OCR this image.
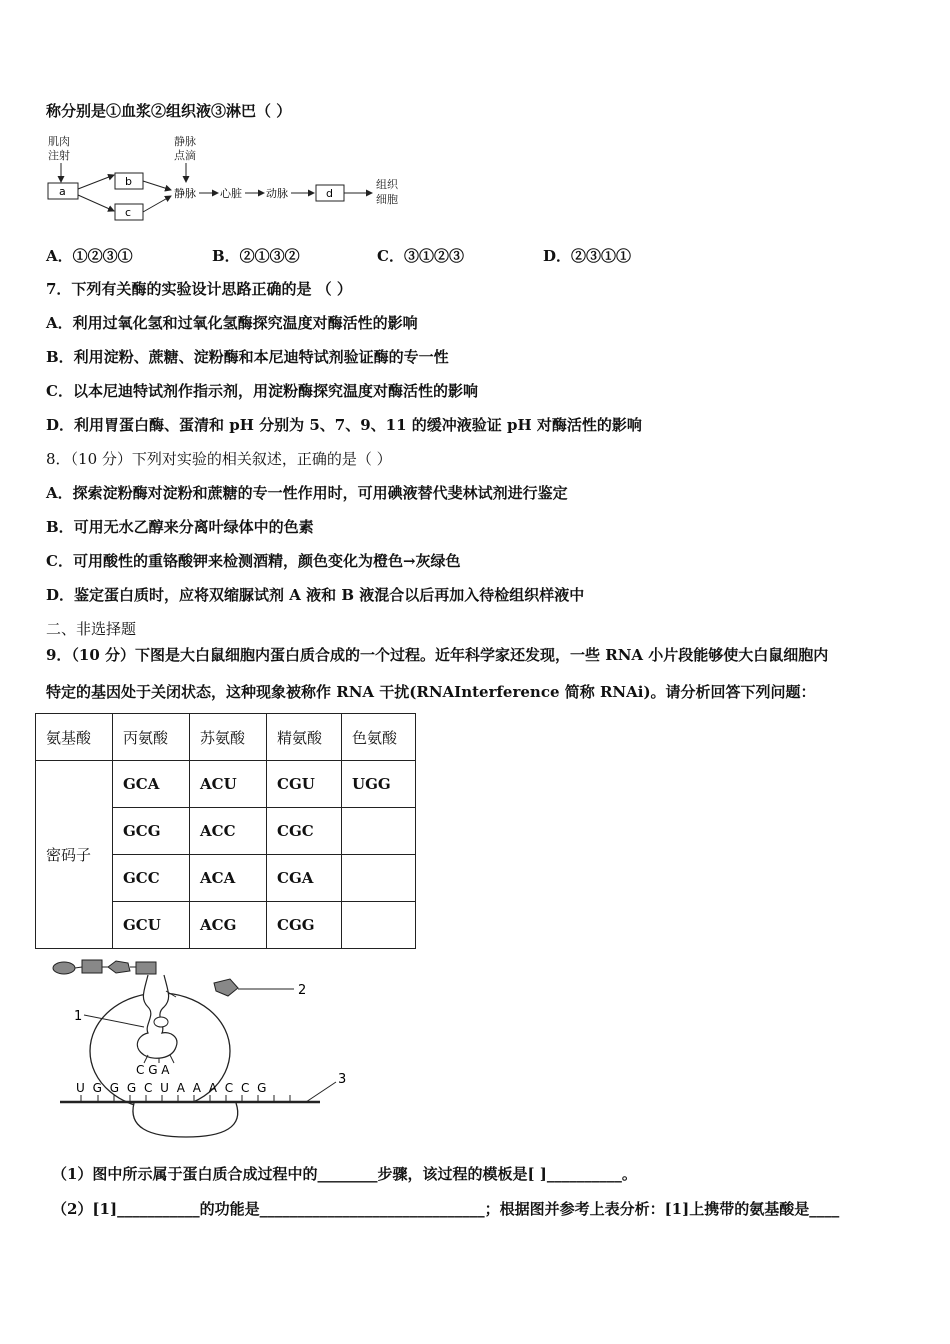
称分别是①血浆②组织液③淋巴（ ）
肌肉
注射
a
b
c
静脉
点滴
静脉 心脏 动脉	d
组织
细胞
A．①②③①	B．②①③②	C．③①②③	D．②③①①
7．下列有关酶的实验设计思路正确的是 （ ）
A．利用过氧化氢和过氧化氢酶探究温度对酶活性的影响
B．利用淀粉、蔗糖、淀粉酶和本尼迪特试剂验证酶的专一性
C．以本尼迪特试剂作指示剂，用淀粉酶探究温度对酶活性的影响
D．利用胃蛋白酶、蛋清和 pH 分别为 5、7、9、11 的缓冲液验证 pH 对酶活性的影响
8．（10 分）下列对实验的相关叙述，正确的是（ ）
A．探索淀粉酶对淀粉和蔗糖的专一性作用时，可用碘液替代斐林试剂进行鉴定
B．可用无水乙醇来分离叶绿体中的色素
C．可用酸性的重铬酸钾来检测酒精，颜色变化为橙色→灰绿色
D．鉴定蛋白质时，应将双缩脲试剂 A 液和 B 液混合以后再加入待检组织样液中
二、非选择题
9．（10 分）下图是大白鼠细胞内蛋白质合成的一个过程。近年科学家还发现，一些 RNA 小片段能够使大白鼠细胞内
特定的基因处于关闭状态，这种现象被称作 RNA 干扰(RNAInterference 简称 RNAi)。请分析回答下列问题：
氨基酸	丙氨酸	苏氨酸	精氨酸	色氨酸
密码子	GCA	ACU	CGU	UGG
	GCG	ACC	CGC	
	GCC	ACA	CGA	
	GCU	ACG	CGG	
2
1
C G A
U G G G C U A A A C C G
3
（1）图中所示属于蛋白质合成过程中的________步骤，该过程的模板是[ ]__________。
（2）[1]___________的功能是______________________________；根据图并参考上表分析：[1]上携带的氨基酸是____
